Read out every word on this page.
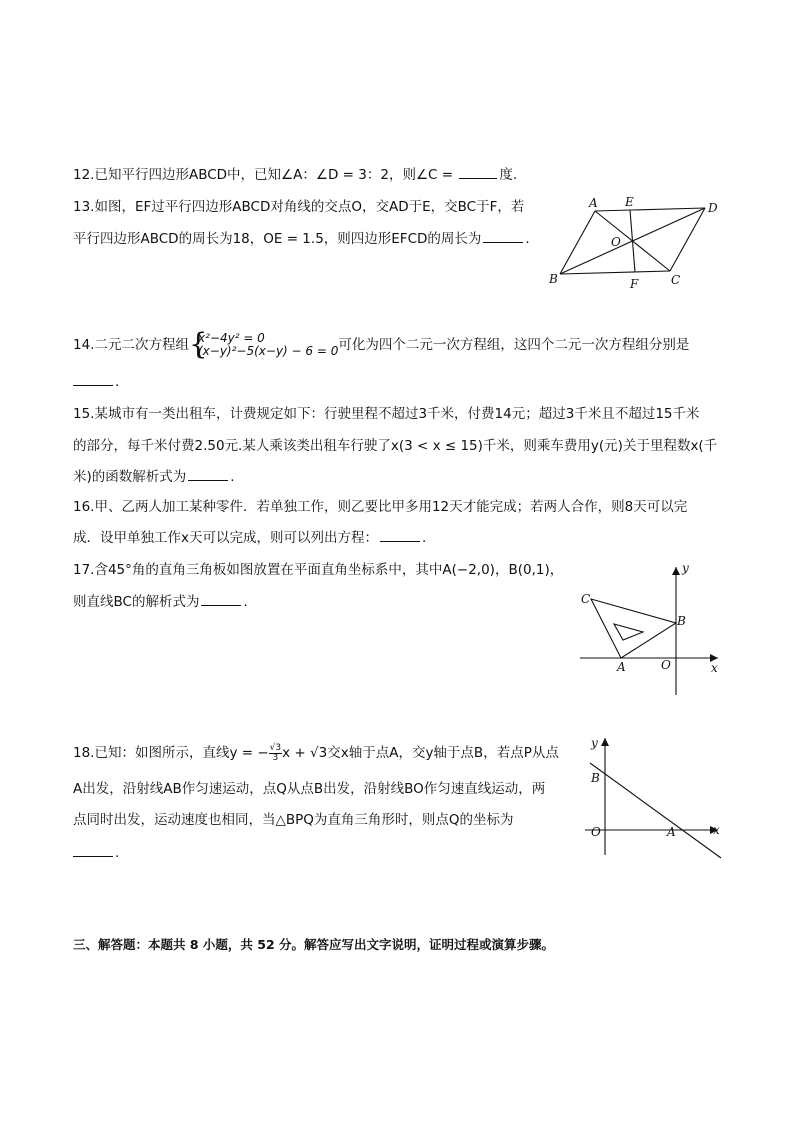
12.已知平行四边形ABCD中，已知∠A：∠D = 3：2，则∠C =	度.
13.如图，EF过平行四边形ABCD对角线的交点O，交AD于E，交BC于F，若
平行四边形ABCD的周长为18，OE = 1.5，则四边形EFCD的周长为	.
A E	D
O
B	F	C
14.二元二次方程组 {
x²−4y² = 0
(x−y)²−5(x−y) − 6 = 0 可化为四个二元一次方程组，这四个二元一次方程组分别是
.
15.某城市有一类出租车，计费规定如下：行驶里程不超过3千米，付费14元；超过3千米且不超过15千米
的部分，每千米付费2.50元.某人乘该类出租车行驶了x(3 < x ≤ 15)千米，则乘车费用y(元)关于里程数x(千
米)的函数解析式为	.
16.甲、乙两人加工某种零件．若单独工作，则乙要比甲多用12天才能完成；若两人合作，则8天可以完
成．设甲单独工作x天可以完成，则可以列出方程：	.
17.含45°角的直角三角板如图放置在平面直角坐标系中，其中A(−2,0)，B(0,1)，
则直线BC的解析式为	.
y
C
B
A	O	x
18.已知：如图所示，直线y = − $\frac{√3}{3}$ x + √3交x轴于点A，交y轴于点B，若点P从点
A出发，沿射线AB作匀速运动，点Q从点B出发，沿射线BO作匀速直线运动，两
点同时出发，运动速度也相同，当△BPQ为直角三角形时，则点Q的坐标为
.
y
B
O	A	x
三、解答题：本题共 8 小题，共 52 分。解答应写出文字说明，证明过程或演算步骤。
